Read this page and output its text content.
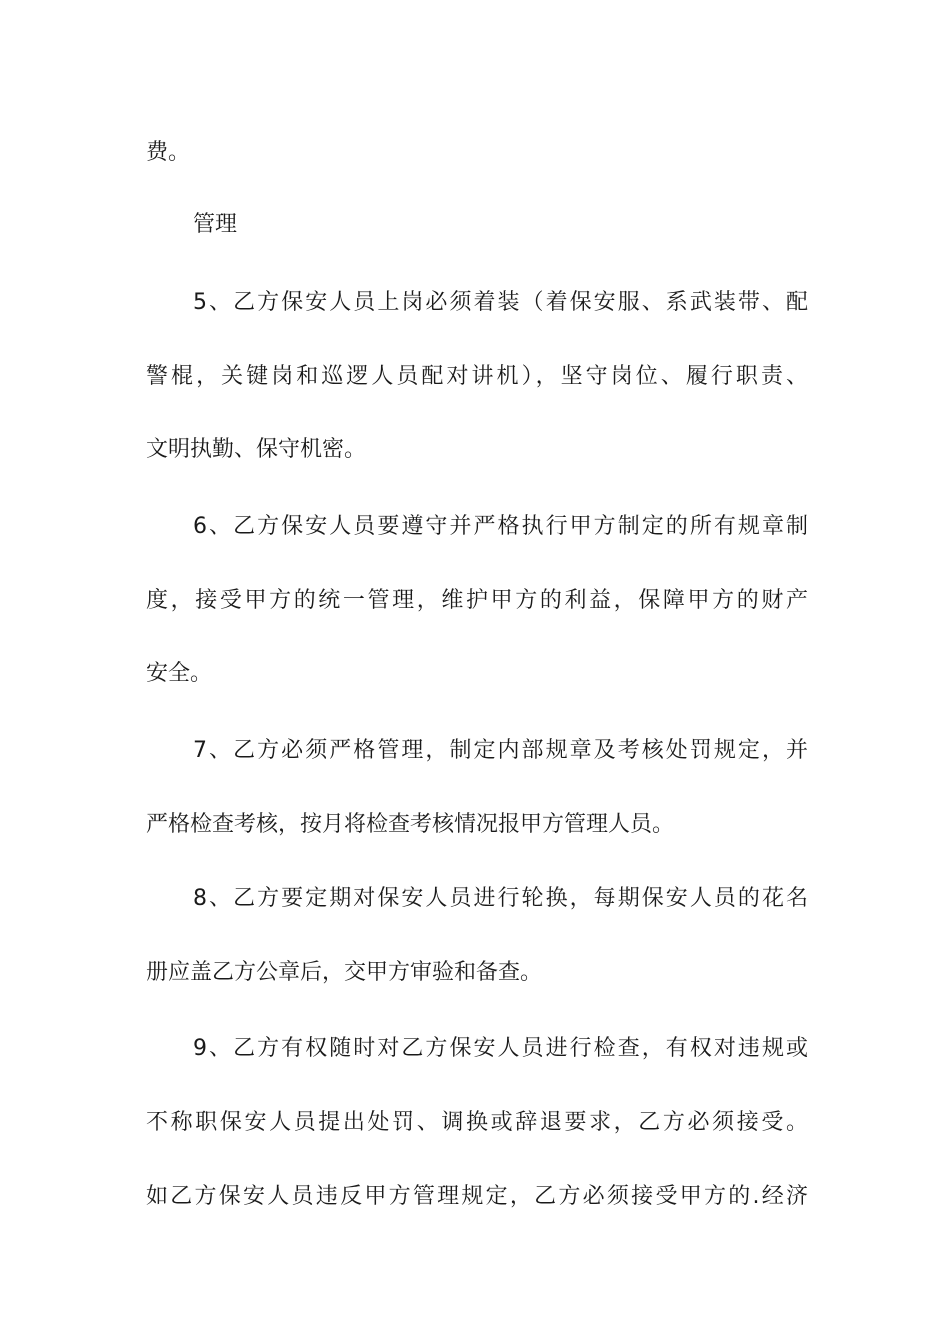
费。
管理
5、乙方保安人员上岗必须着装（着保安服、系武装带、配
警棍，关键岗和巡逻人员配对讲机），坚守岗位、履行职责、
文明执勤、保守机密。
6、乙方保安人员要遵守并严格执行甲方制定的所有规章制
度，接受甲方的统一管理，维护甲方的利益，保障甲方的财产
安全。
7、乙方必须严格管理，制定内部规章及考核处罚规定，并
严格检查考核，按月将检查考核情况报甲方管理人员。
8、乙方要定期对保安人员进行轮换，每期保安人员的花名
册应盖乙方公章后，交甲方审验和备查。
9、乙方有权随时对乙方保安人员进行检查，有权对违规或
不称职保安人员提出处罚、调换或辞退要求，乙方必须接受。
如乙方保安人员违反甲方管理规定，乙方必须接受甲方的.经济
